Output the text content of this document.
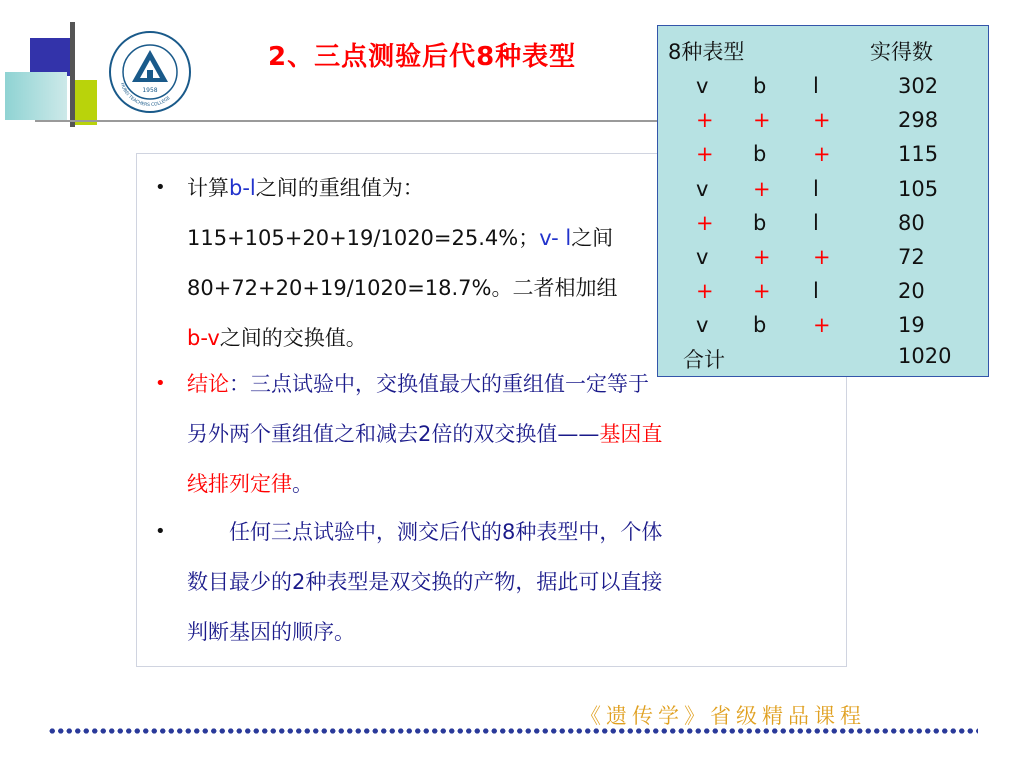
1958
HUBEI TEACHERS COLLEGE
2、三点测验后代8种表型
• 计算b-l之间的重组值为：
115+105+20+19/1020=25.4%；v- l之间
80+72+20+19/1020=18.7%。二者相加组
b-v之间的交换值。
• 结论：三点试验中，交换值最大的重组值一定等于
另外两个重组值之和减去2倍的双交换值——基因直
线排列定律。
•	任何三点试验中，测交后代的8种表型中，个体
数目最少的2种表型是双交换的产物，据此可以直接
判断基因的顺序。
8种表型	实得数
v b l	302
+ + +	298
+ b +	115
v + l	105
+ b l	80
v + +	72
+ + l	20
v b +	19
合计	1020
《遗传学》省级精品课程
